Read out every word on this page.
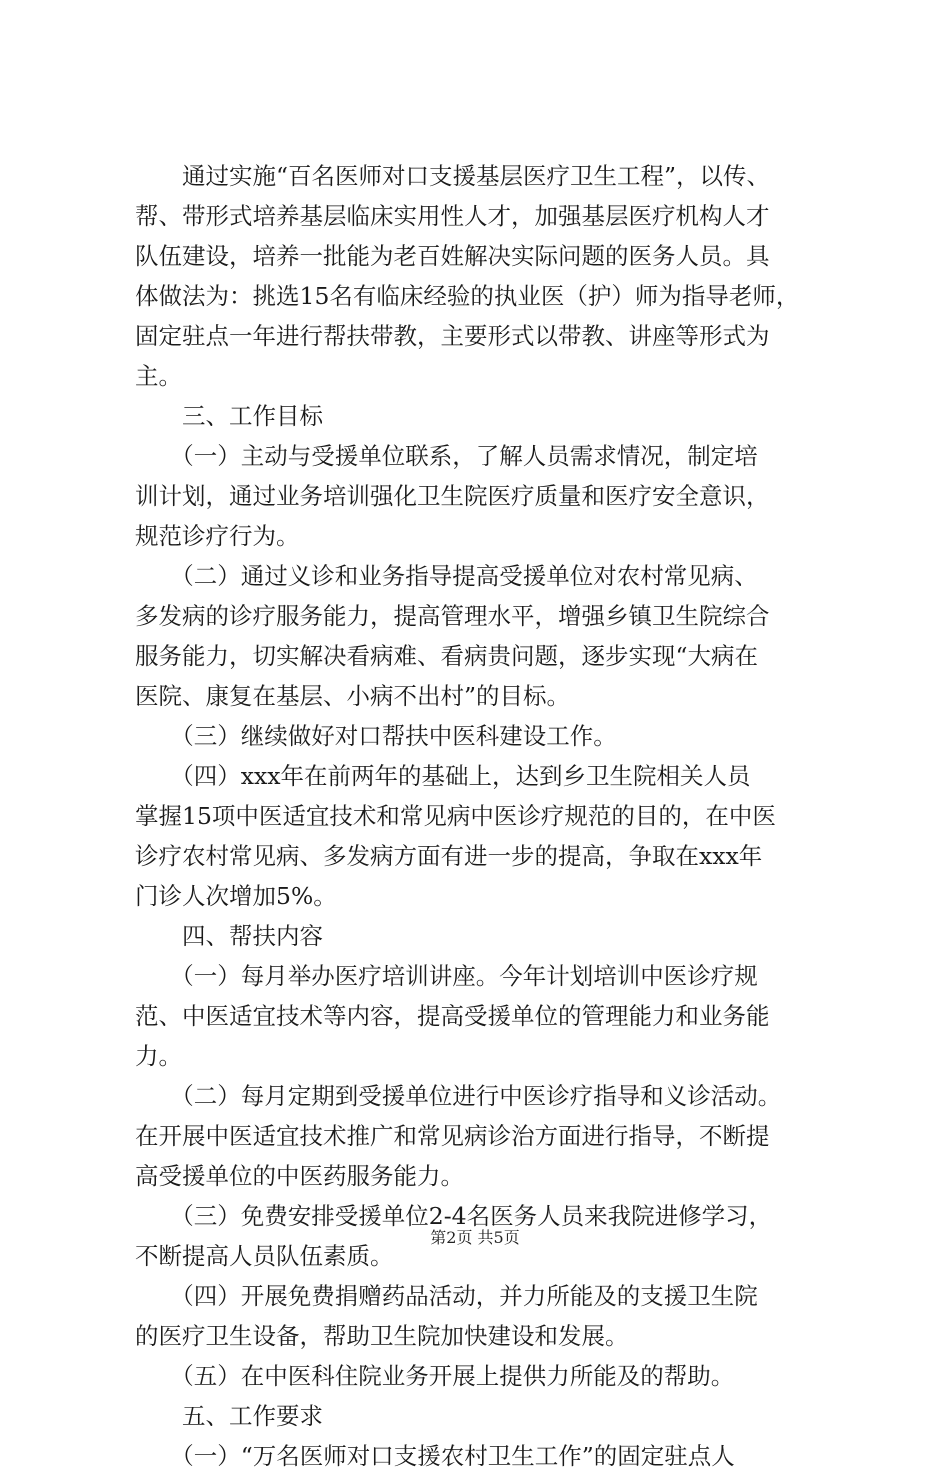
　　通过实施“百名医师对口支援基层医疗卫生工程”，以传、
帮、带形式培养基层临床实用性人才，加强基层医疗机构人才
队伍建设，培养一批能为老百姓解决实际问题的医务人员。具
体做法为：挑选15名有临床经验的执业医（护）师为指导老师，
固定驻点一年进行帮扶带教，主要形式以带教、讲座等形式为
主。
　　三、工作目标
　　（一）主动与受援单位联系，了解人员需求情况，制定培
训计划，通过业务培训强化卫生院医疗质量和医疗安全意识，
规范诊疗行为。
　　（二）通过义诊和业务指导提高受援单位对农村常见病、
多发病的诊疗服务能力，提高管理水平，增强乡镇卫生院综合
服务能力，切实解决看病难、看病贵问题，逐步实现“大病在
医院、康复在基层、小病不出村”的目标。
　　（三）继续做好对口帮扶中医科建设工作。
　　（四）xxx年在前两年的基础上，达到乡卫生院相关人员
掌握15项中医适宜技术和常见病中医诊疗规范的目的，在中医
诊疗农村常见病、多发病方面有进一步的提高，争取在xxx年
门诊人次增加5%。
　　四、帮扶内容
　　（一）每月举办医疗培训讲座。今年计划培训中医诊疗规
范、中医适宜技术等内容，提高受援单位的管理能力和业务能
力。
　　（二）每月定期到受援单位进行中医诊疗指导和义诊活动。
在开展中医适宜技术推广和常见病诊治方面进行指导，不断提
高受援单位的中医药服务能力。
　　（三）免费安排受援单位2-4名医务人员来我院进修学习，
不断提高人员队伍素质。
　　（四）开展免费捐赠药品活动，并力所能及的支援卫生院
的医疗卫生设备，帮助卫生院加快建设和发展。
　　（五）在中医科住院业务开展上提供力所能及的帮助。
　　五、工作要求
　　（一）“万名医师对口支援农村卫生工作”的固定驻点人
第2页 共5页
